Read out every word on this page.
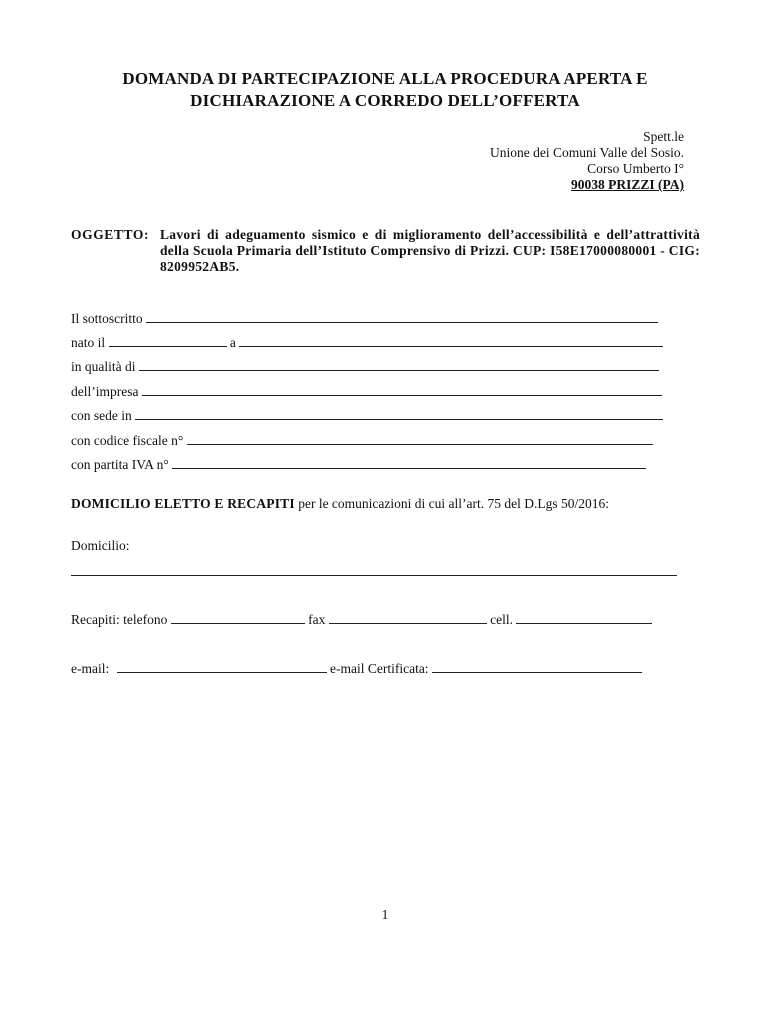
DOMANDA DI PARTECIPAZIONE ALLA PROCEDURA APERTA E
DICHIARAZIONE A CORREDO DELL’OFFERTA
Spett.le
Unione dei Comuni Valle del Sosio.
Corso Umberto I°
90038 PRIZZI (PA)
OGGETTO: Lavori di adeguamento sismico e di miglioramento dell’accessibilità e dell’attrattività della Scuola Primaria dell’Istituto Comprensivo di Prizzi. CUP: I58E17000080001 - CIG: 8209952AB5.
Il sottoscritto
nato il	a
in qualità di
dell’impresa
con sede in
con codice fiscale n°
con partita IVA n°
DOMICILIO ELETTO E RECAPITI per le comunicazioni di cui all’art. 75 del D.Lgs 50/2016:
Domicilio:
Recapiti: telefono	fax	cell.
e-mail:	e-mail Certificata:
1
